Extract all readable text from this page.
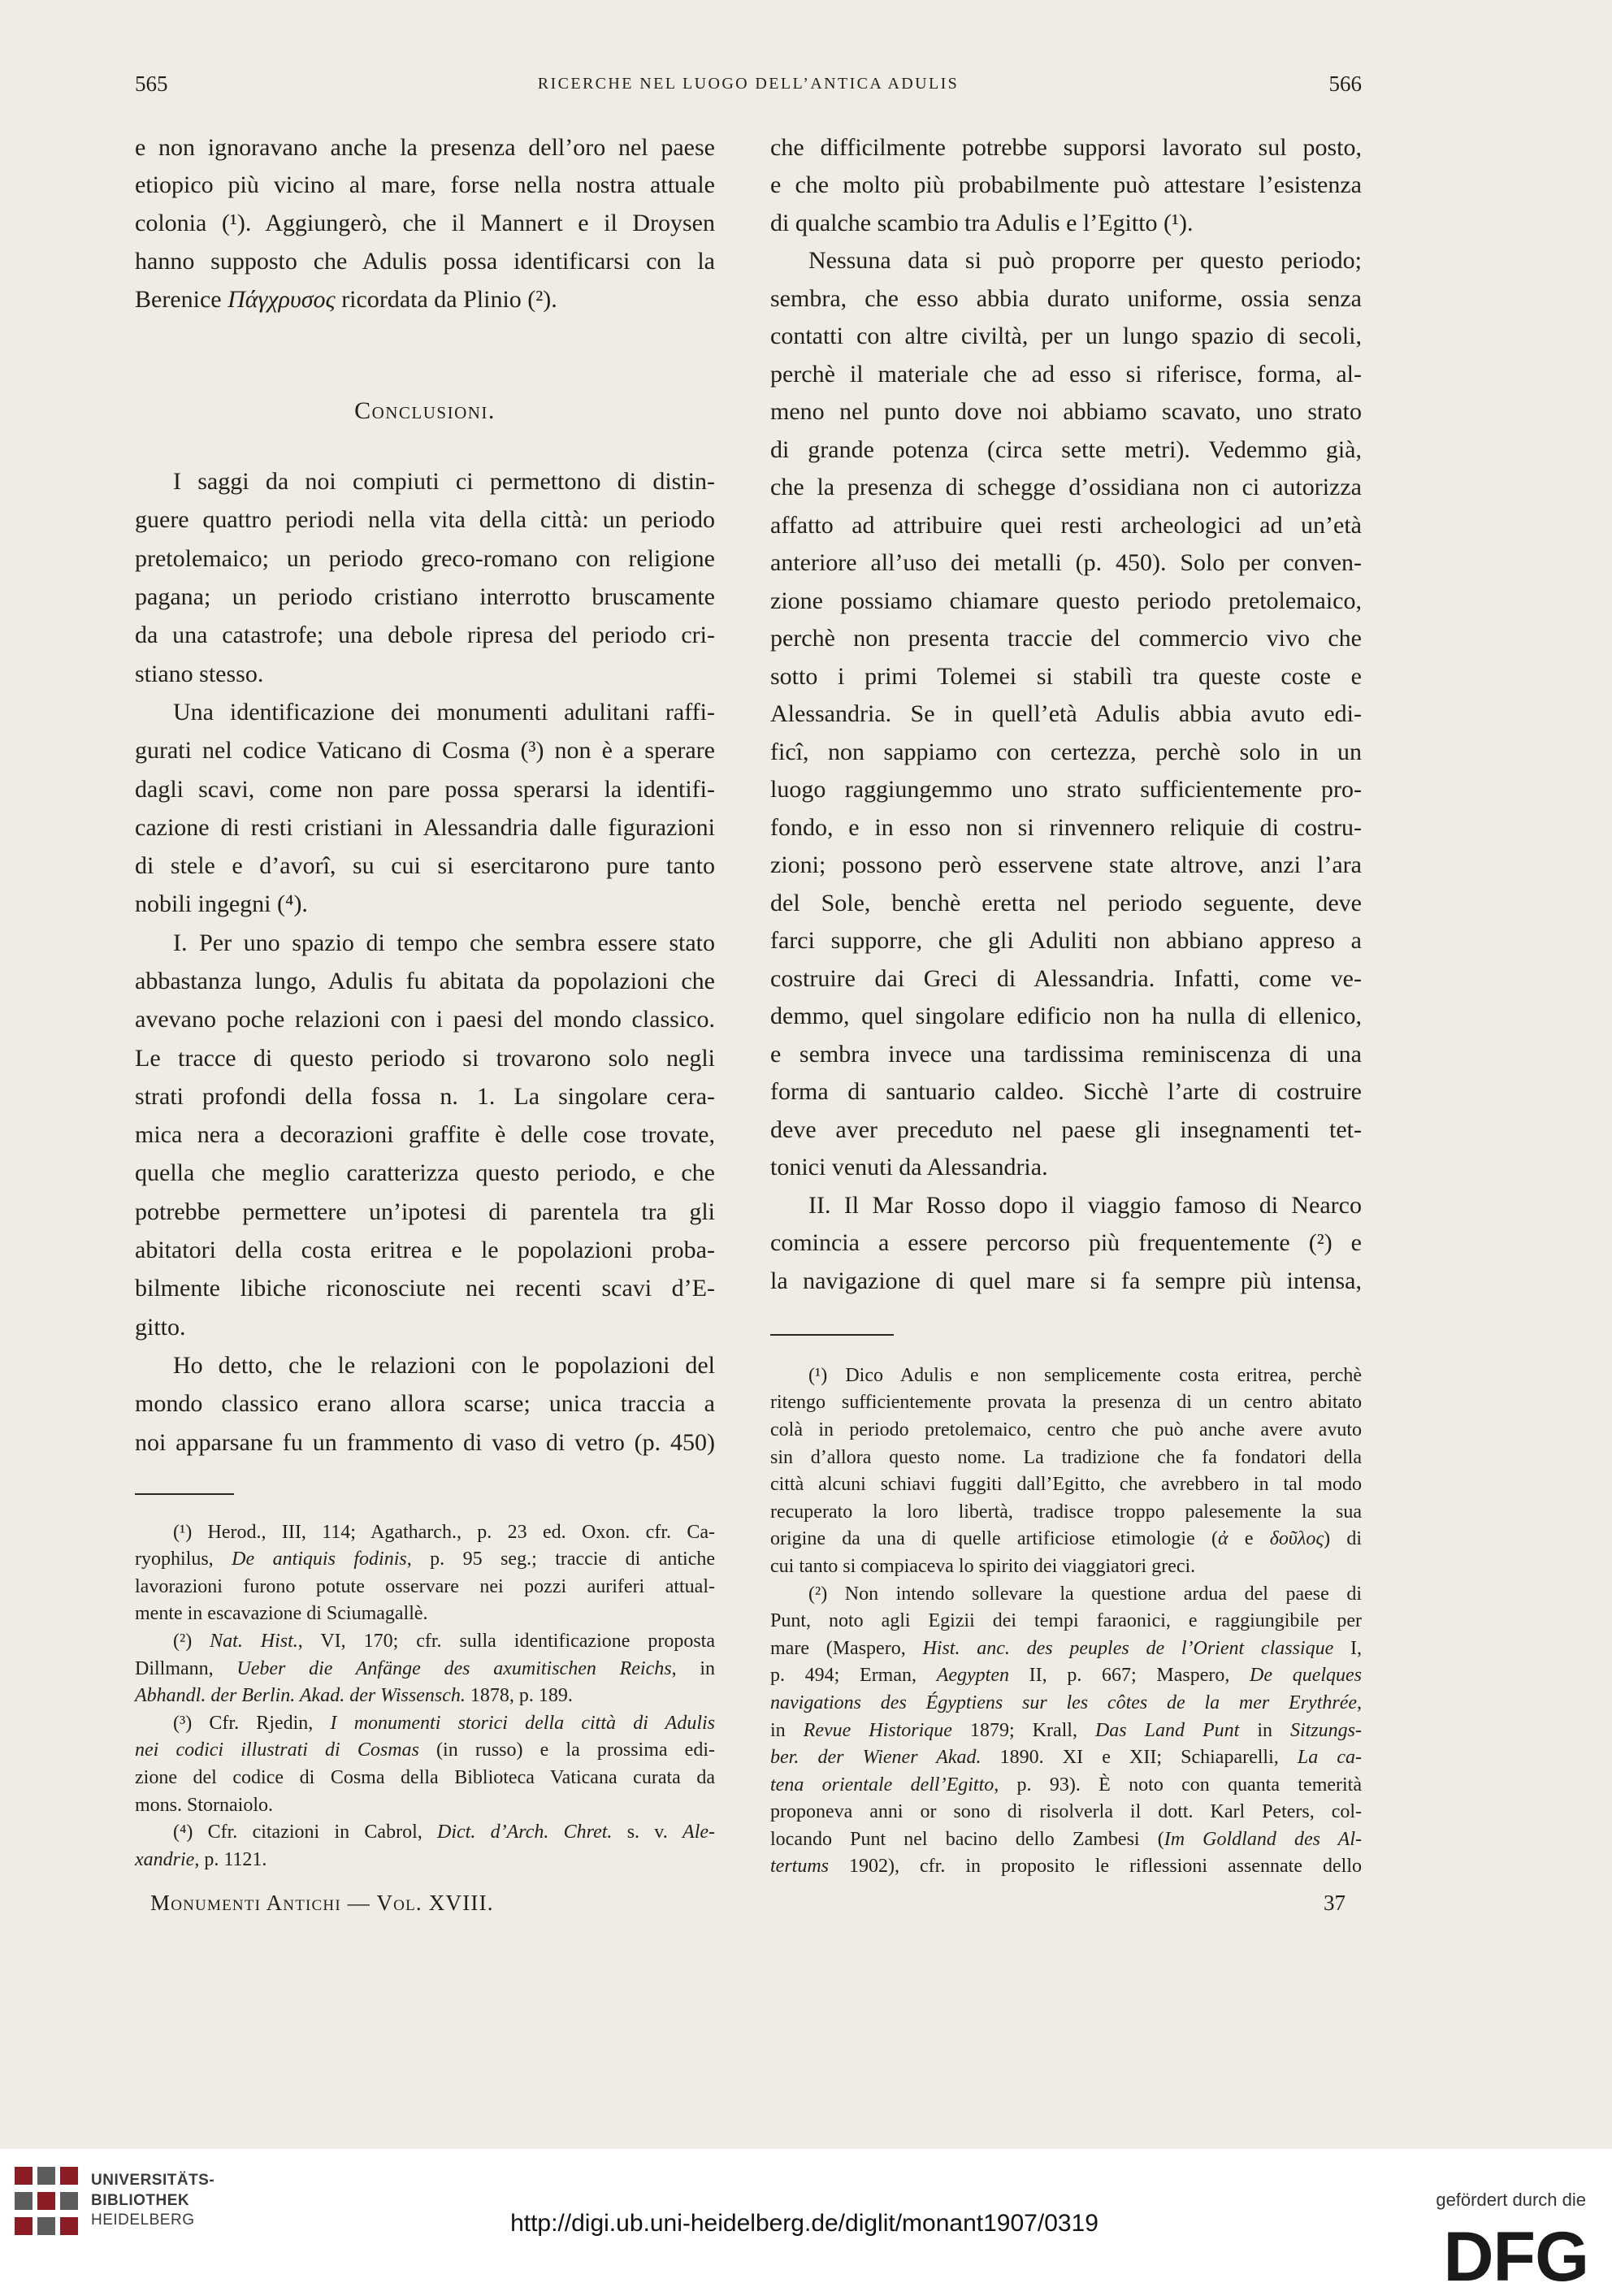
565	RICERCHE NEL LUOGO DELL’ANTICA ADULIS	566
e non ignoravano anche la presenza dell’oro nel paese
etiopico più vicino al mare, forse nella nostra attuale
colonia (¹). Aggiungerò, che il Mannert e il Droysen
hanno supposto che Adulis possa identificarsi con la
Berenice Πάγχρυσος ricordata da Plinio (²).
Conclusioni.
I saggi da noi compiuti ci permettono di distin-
guere quattro periodi nella vita della città: un periodo
pretolemaico; un periodo greco-romano con religione
pagana; un periodo cristiano interrotto bruscamente
da una catastrofe; una debole ripresa del periodo cri-
stiano stesso.
Una identificazione dei monumenti adulitani raffi-
gurati nel codice Vaticano di Cosma (³) non è a sperare
dagli scavi, come non pare possa sperarsi la identifi-
cazione di resti cristiani in Alessandria dalle figurazioni
di stele e d’avorî, su cui si esercitarono pure tanto
nobili ingegni (⁴).
I. Per uno spazio di tempo che sembra essere stato
abbastanza lungo, Adulis fu abitata da popolazioni che
avevano poche relazioni con i paesi del mondo classico.
Le tracce di questo periodo si trovarono solo negli
strati profondi della fossa n. 1. La singolare cera-
mica nera a decorazioni graffite è delle cose trovate,
quella che meglio caratterizza questo periodo, e che
potrebbe permettere un’ipotesi di parentela tra gli
abitatori della costa eritrea e le popolazioni proba-
bilmente libiche riconosciute nei recenti scavi d’E-
gitto.
Ho detto, che le relazioni con le popolazioni del
mondo classico erano allora scarse; unica traccia a
noi apparsane fu un frammento di vaso di vetro (p. 450)
(¹) Herod., III, 114; Agatharch., p. 23 ed. Oxon. cfr. Ca-
ryophilus, De antiquis fodinis, p. 95 seg.; traccie di antiche
lavorazioni furono potute osservare nei pozzi auriferi attual-
mente in escavazione di Sciumagallè.
(²) Nat. Hist., VI, 170; cfr. sulla identificazione proposta
Dillmann, Ueber die Anfänge des axumitischen Reichs, in
Abhandl. der Berlin. Akad. der Wissensch. 1878, p. 189.
(³) Cfr. Rjedin, I monumenti storici della città di Adulis
nei codici illustrati di Cosmas (in russo) e la prossima edi-
zione del codice di Cosma della Biblioteca Vaticana curata da
mons. Stornaiolo.
(⁴) Cfr. citazioni in Cabrol, Dict. d’Arch. Chret. s. v. Ale-
xandrie, p. 1121.
Monumenti Antichi — Vol. XVIII.	37
che difficilmente potrebbe supporsi lavorato sul posto,
e che molto più probabilmente può attestare l’esistenza
di qualche scambio tra Adulis e l’Egitto (¹).
Nessuna data si può proporre per questo periodo;
sembra, che esso abbia durato uniforme, ossia senza
contatti con altre civiltà, per un lungo spazio di secoli,
perchè il materiale che ad esso si riferisce, forma, al-
meno nel punto dove noi abbiamo scavato, uno strato
di grande potenza (circa sette metri). Vedemmo già,
che la presenza di schegge d’ossidiana non ci autorizza
affatto ad attribuire quei resti archeologici ad un’età
anteriore all’uso dei metalli (p. 450). Solo per conven-
zione possiamo chiamare questo periodo pretolemaico,
perchè non presenta traccie del commercio vivo che
sotto i primi Tolemei si stabilì tra queste coste e
Alessandria. Se in quell’età Adulis abbia avuto edi-
ficî, non sappiamo con certezza, perchè solo in un
luogo raggiungemmo uno strato sufficientemente pro-
fondo, e in esso non si rinvennero reliquie di costru-
zioni; possono però esservene state altrove, anzi l’ara
del Sole, benchè eretta nel periodo seguente, deve
farci supporre, che gli Aduliti non abbiano appreso a
costruire dai Greci di Alessandria. Infatti, come ve-
demmo, quel singolare edificio non ha nulla di ellenico,
e sembra invece una tardissima reminiscenza di una
forma di santuario caldeo. Sicchè l’arte di costruire
deve aver preceduto nel paese gli insegnamenti tet-
tonici venuti da Alessandria.
II. Il Mar Rosso dopo il viaggio famoso di Nearco
comincia a essere percorso più frequentemente (²) e
la navigazione di quel mare si fa sempre più intensa,
(¹) Dico Adulis e non semplicemente costa eritrea, perchè
ritengo sufficientemente provata la presenza di un centro abitato
colà in periodo pretolemaico, centro che può anche avere avuto
sin d’allora questo nome. La tradizione che fa fondatori della
città alcuni schiavi fuggiti dall’Egitto, che avrebbero in tal modo
recuperato la loro libertà, tradisce troppo palesemente la sua
origine da una di quelle artificiose etimologie (ἀ e δοῦλος) di
cui tanto si compiaceva lo spirito dei viaggiatori greci.
(²) Non intendo sollevare la questione ardua del paese di
Punt, noto agli Egizii dei tempi faraonici, e raggiungibile per
mare (Maspero, Hist. anc. des peuples de l’Orient classique I,
p. 494; Erman, Aegypten II, p. 667; Maspero, De quelques
navigations des Égyptiens sur les côtes de la mer Erythrée,
in Revue Historique 1879; Krall, Das Land Punt in Sitzungs-
ber. der Wiener Akad. 1890. XI e XII; Schiaparelli, La ca-
tena orientale dell’Egitto, p. 93). È noto con quanta temerità
proponeva anni or sono di risolverla il dott. Karl Peters, col-
locando Punt nel bacino dello Zambesi (Im Goldland des Al-
tertums 1902), cfr. in proposito le riflessioni assennate dello
UNIVERSITÄTS-
BIBLIOTHEK
HEIDELBERG	http://digi.ub.uni-heidelberg.de/diglit/monant1907/0319
gefördert durch die
DFG
